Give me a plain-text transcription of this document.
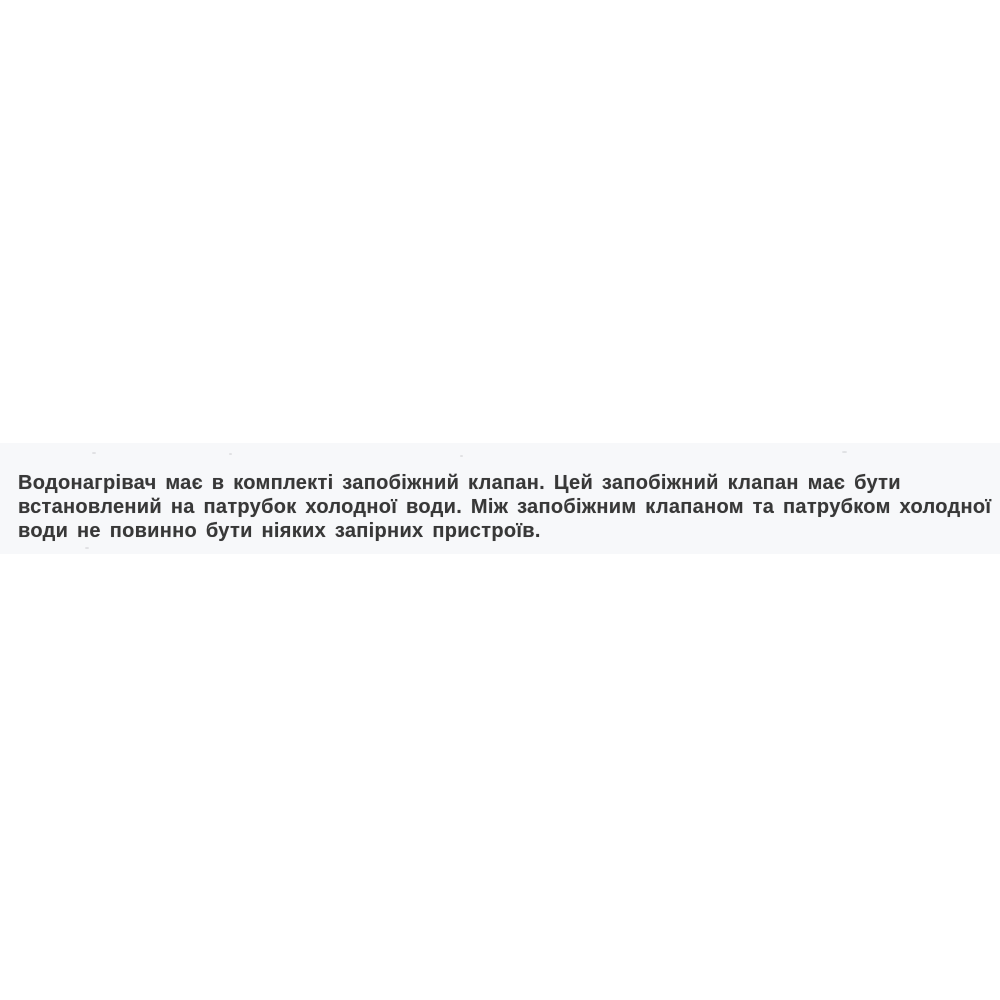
Водонагрівач має в комплекті запобіжний клапан. Цей запобіжний клапан має бути

встановлений на патрубок холодної води. Між запобіжним клапаном та патрубком холодної

води не повинно бути ніяких запірних пристроїв.
